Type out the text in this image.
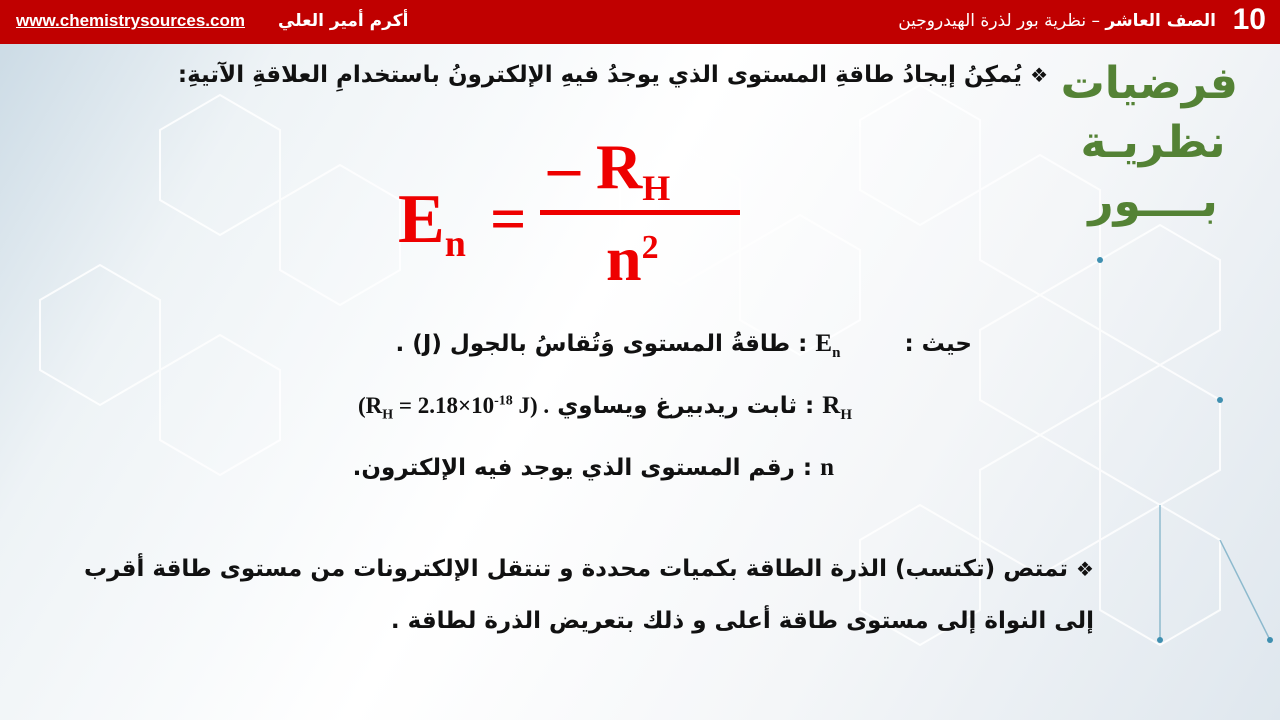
10
الصف العاشر – نظرية بور لذرة الهيدروجين
أكرم أمير العلي
www.chemistrysources.com
فرضيات
نظريـة
بــــور
❖يُمكِنُ إيجادُ طاقةِ المستوى الذي يوجدُ فيهِ الإلكترونُ باستخدامِ العلاقةِ الآتيةِ:
$E_n$ =
– $R_H$
$n^2$
: طاقةُ المستوى وَتُقاسُ بالجول (J) . $E_n$	حيث :
($R_H = 2.18\times 10^{-18}$ J) . : ثابت ريدبيرغ ويساوي $R_H$
: رقم المستوى الذي يوجد فيه الإلكترون. n
❖تمتص (تكتسب) الذرة الطاقة بكميات محددة و تنتقل الإلكترونات من مستوى طاقة أقرب إلى النواة إلى مستوى طاقة أعلى و ذلك بتعريض الذرة لطاقة .
